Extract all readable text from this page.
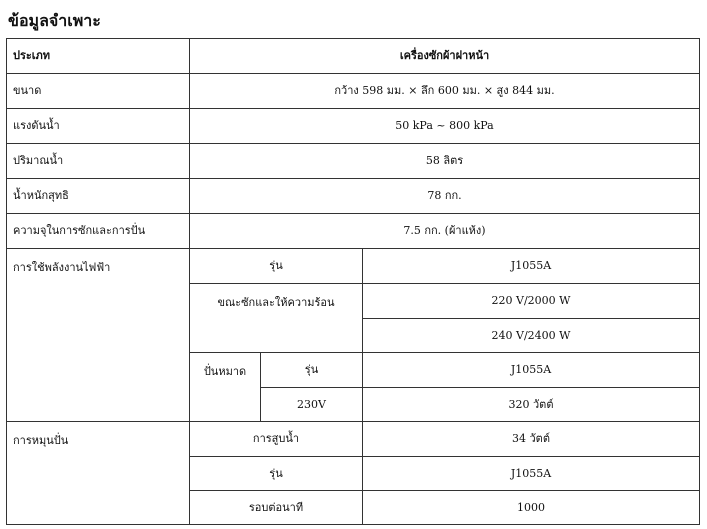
ข้อมูลจำเพาะ
ประเภท	เครื่องซักผ้าฝาหน้า
ขนาด	กว้าง 598 มม. × ลึก 600 มม. × สูง 844 มม.
แรงดันน้ำ	50 kPa ~ 800 kPa
ปริมาณน้ำ	58 ลิตร
น้ำหนักสุทธิ	78 กก.
ความจุในการซักและการปั่น	7.5 กก. (ผ้าแห้ง)
การใช้พลังงานไฟฟ้า	รุ่น	J1055A
ขณะซักและให้ความร้อน	220 V/2000 W
240 V/2400 W
ปั่นหมาด	รุ่น	J1055A
230V	320 วัตต์
การหมุนปั่น	การสูบน้ำ	34 วัตต์
รุ่น	J1055A
รอบต่อนาที	1000
